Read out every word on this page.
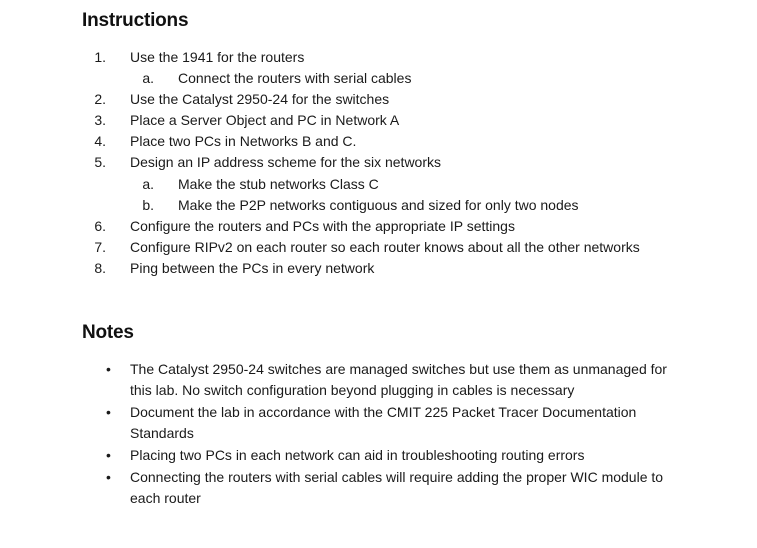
Instructions
1. Use the 1941 for the routers
a. Connect the routers with serial cables
2. Use the Catalyst 2950-24 for the switches
3. Place a Server Object and PC in Network A
4. Place two PCs in Networks B and C.
5. Design an IP address scheme for the six networks
a. Make the stub networks Class C
b. Make the P2P networks contiguous and sized for only two nodes
6. Configure the routers and PCs with the appropriate IP settings
7. Configure RIPv2 on each router so each router knows about all the other networks
8. Ping between the PCs in every network
Notes
• The Catalyst 2950-24 switches are managed switches but use them as unmanaged for
this lab. No switch configuration beyond plugging in cables is necessary
• Document the lab in accordance with the CMIT 225 Packet Tracer Documentation
Standards
• Placing two PCs in each network can aid in troubleshooting routing errors
• Connecting the routers with serial cables will require adding the proper WIC module to
each router
